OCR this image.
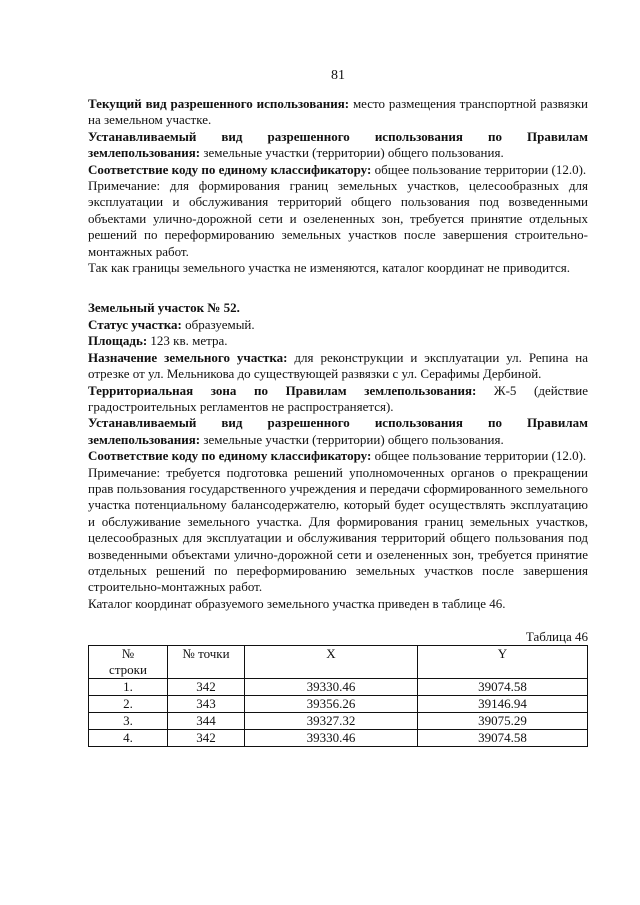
81

Текущий вид разрешенного использования: место размещения транспортной развязки на земельном участке.

Устанавливаемый вид разрешенного использования по Правилам землепользования: земельные участки (территории) общего пользования.

Соответствие коду по единому классификатору: общее пользование территории (12.0).

Примечание: для формирования границ земельных участков, целесообразных для эксплуатации и обслуживания территорий общего пользования под возведенными объектами улично-дорожной сети и озелененных зон, требуется принятие отдельных решений по переформированию земельных участков после завершения строительно-монтажных работ.

Так как границы земельного участка не изменяются, каталог координат не приводится.

Земельный участок № 52.

Статус участка: образуемый.

Площадь: 123 кв. метра.

Назначение земельного участка: для реконструкции и эксплуатации ул. Репина на отрезке от ул. Мельникова до существующей развязки с ул. Серафимы Дербиной.

Территориальная зона по Правилам землепользования: Ж-5 (действие градостроительных регламентов не распространяется).

Устанавливаемый вид разрешенного использования по Правилам землепользования: земельные участки (территории) общего пользования.

Соответствие коду по единому классификатору: общее пользование территории (12.0).

Примечание: требуется подготовка решений уполномоченных органов о прекращении прав пользования государственного учреждения и передачи сформированного земельного участка потенциальному балансодержателю, который будет осуществлять эксплуатацию и обслуживание земельного участка. Для формирования границ земельных участков, целесообразных для эксплуатации и обслуживания территорий общего пользования под возведенными объектами улично-дорожной сети и озелененных зон, требуется принятие отдельных решений по переформированию земельных участков после завершения строительно-монтажных работ.

Каталог координат образуемого земельного участка приведен в таблице 46.

Таблица 46
№
строки	№ точки	X	Y
1.	342	39330.46	39074.58
2.	343	39356.26	39146.94
3.	344	39327.32	39075.29
4.	342	39330.46	39074.58
